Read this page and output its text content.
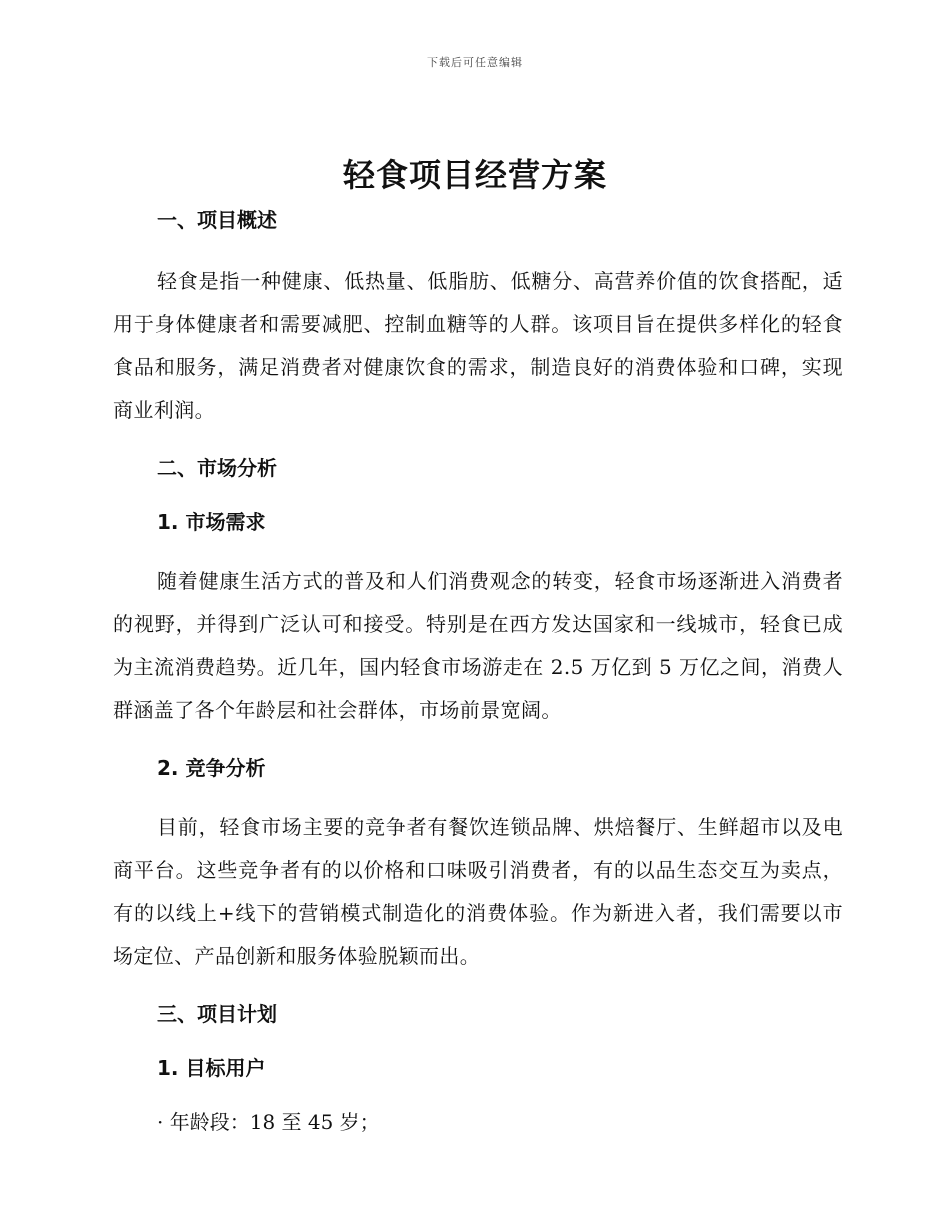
下载后可任意编辑
轻食项目经营方案
一、项目概述

轻食是指一种健康、低热量、低脂肪、低糖分、高营养价值的饮食搭配，适用于身体健康者和需要减肥、控制血糖等的人群。该项目旨在提供多样化的轻食食品和服务，满足消费者对健康饮食的需求，制造良好的消费体验和口碑，实现商业利润。

二、市场分析
1. 市场需求

随着健康生活方式的普及和人们消费观念的转变，轻食市场逐渐进入消费者的视野，并得到广泛认可和接受。特别是在西方发达国家和一线城市，轻食已成为主流消费趋势。近几年，国内轻食市场游走在 2.5 万亿到 5 万亿之间，消费人群涵盖了各个年龄层和社会群体，市场前景宽阔。

2. 竞争分析

目前，轻食市场主要的竞争者有餐饮连锁品牌、烘焙餐厅、生鲜超市以及电商平台。这些竞争者有的以价格和口味吸引消费者，有的以品生态交互为卖点，有的以线上+线下的营销模式制造化的消费体验。作为新进入者，我们需要以市场定位、产品创新和服务体验脱颖而出。

三、项目计划
1. 目标用户
· 年龄段：18 至 45 岁；
